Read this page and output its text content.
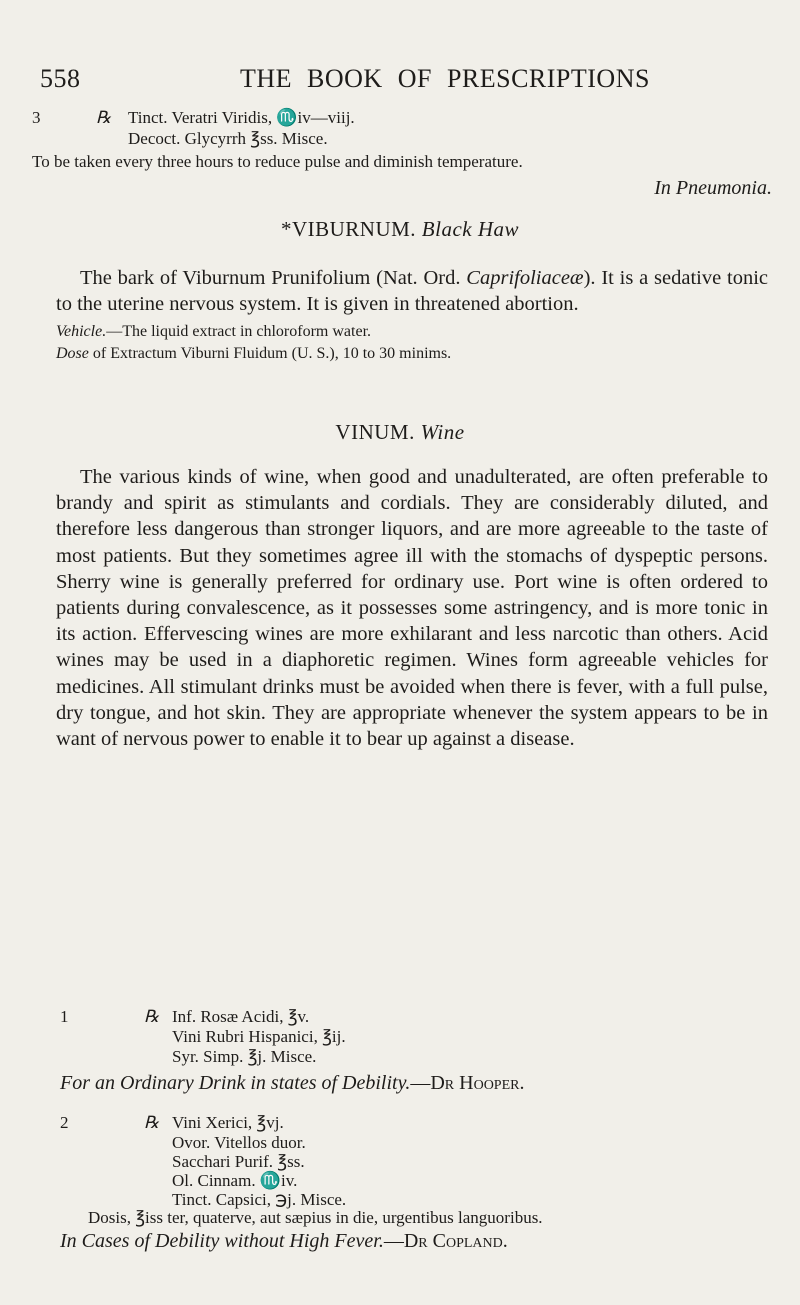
558	THE BOOK OF PRESCRIPTIONS
3	℞ Tinct. Veratri Viridis, ♏iv—viij.
Decoct. Glycyrrh ℥ss. Misce.
To be taken every three hours to reduce pulse and diminish temperature.
In Pneumonia.
*VIBURNUM. Black Haw

The bark of Viburnum Prunifolium (Nat. Ord. Caprifoliaceæ). It is a sedative tonic to the uterine nervous system. It is given in threatened abortion.

Vehicle.—The liquid extract in chloroform water.
Dose of Extractum Viburni Fluidum (U. S.), 10 to 30 minims.
VINUM. Wine

The various kinds of wine, when good and unadulterated, are often preferable to brandy and spirit as stimulants and cordials. They are considerably diluted, and therefore less dangerous than stronger liquors, and are more agreeable to the taste of most patients. But they sometimes agree ill with the stomachs of dyspeptic persons. Sherry wine is generally preferred for ordinary use. Port wine is often ordered to patients during convalescence, as it possesses some astringency, and is more tonic in its action. Effervescing wines are more exhilarant and less narcotic than others. Acid wines may be used in a diaphoretic regimen. Wines form agreeable vehicles for medicines. All stimulant drinks must be avoided when there is fever, with a full pulse, dry tongue, and hot skin. They are appropriate whenever the system appears to be in want of nervous power to enable it to bear up against a disease.

1	℞ Inf. Rosæ Acidi, ℥v.
Vini Rubri Hispanici, ℥ij.
Syr. Simp. ℥j. Misce.
For an Ordinary Drink in states of Debility.—Dr Hooper.
2	℞ Vini Xerici, ℥vj.
Ovor. Vitellos duor.
Sacchari Purif. ℥ss.
Ol. Cinnam. ♏iv.
Tinct. Capsici, ℈j. Misce.
Dosis, ℥iss ter, quaterve, aut sæpius in die, urgentibus languoribus.
In Cases of Debility without High Fever.—Dr Copland.
